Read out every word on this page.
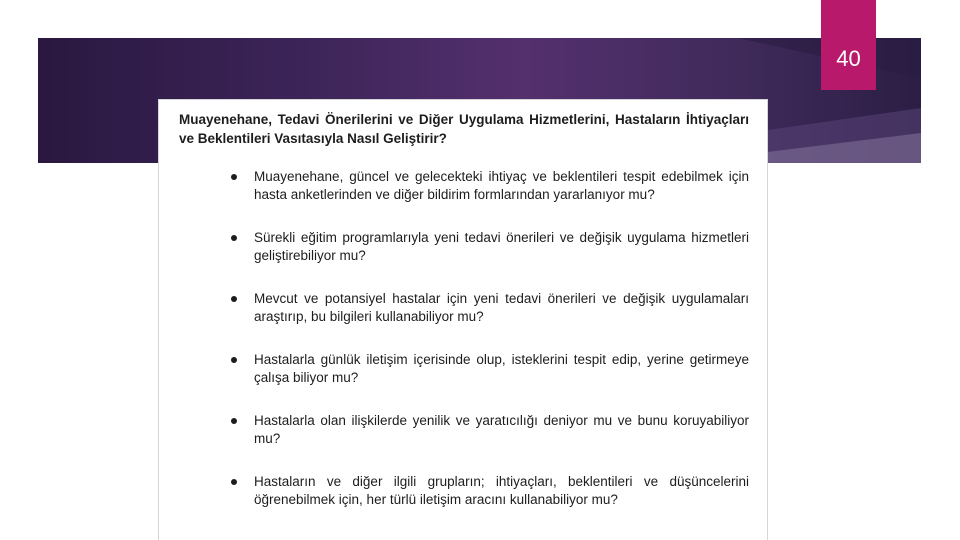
40
Muayenehane, Tedavi Önerilerini ve Diğer Uygulama Hizmetlerini, Hastaların İhtiyaçları ve Beklentileri Vasıtasıyla Nasıl Geliştirir?
Muayenehane, güncel ve gelecekteki ihtiyaç ve beklentileri tespit edebilmek için hasta anketlerinden ve diğer bildirim formlarından yararlanıyor mu?
Sürekli eğitim programlarıyla yeni tedavi önerileri ve değişik uygulama hizmetleri geliştirebiliyor mu?
Mevcut ve potansiyel hastalar için yeni tedavi önerileri ve değişik uygulamaları araştırıp, bu bilgileri kullanabiliyor mu?
Hastalarla günlük iletişim içerisinde olup, isteklerini tespit edip, yerine getirmeye çalışa biliyor mu?
Hastalarla olan ilişkilerde yenilik ve yaratıcılığı deniyor mu ve bunu koruyabiliyor mu?
Hastaların ve diğer ilgili grupların; ihtiyaçları, beklentileri ve düşüncelerini öğrenebilmek için, her türlü iletişim aracını kullanabiliyor mu?
